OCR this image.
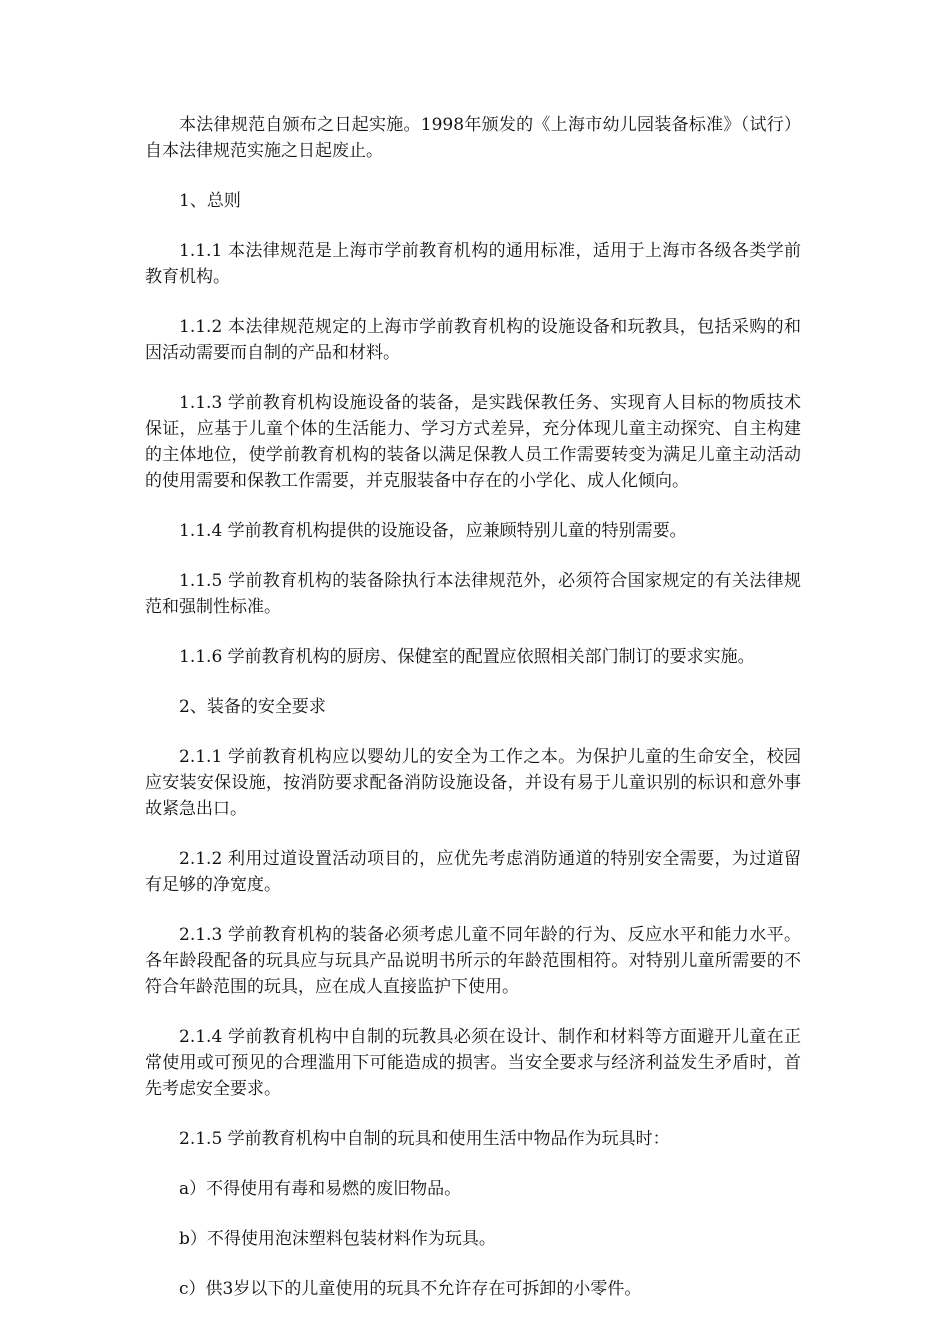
本法律规范自颁布之日起实施。1998年颁发的《上海市幼儿园装备标准》（试行）自本法律规范实施之日起废止。

1、总则

1.1.1 本法律规范是上海市学前教育机构的通用标准，适用于上海市各级各类学前教育机构。

1.1.2 本法律规范规定的上海市学前教育机构的设施设备和玩教具，包括采购的和因活动需要而自制的产品和材料。

1.1.3 学前教育机构设施设备的装备，是实践保教任务、实现育人目标的物质技术保证，应基于儿童个体的生活能力、学习方式差异，充分体现儿童主动探究、自主构建的主体地位，使学前教育机构的装备以满足保教人员工作需要转变为满足儿童主动活动的使用需要和保教工作需要，并克服装备中存在的小学化、成人化倾向。

1.1.4 学前教育机构提供的设施设备，应兼顾特别儿童的特别需要。

1.1.5 学前教育机构的装备除执行本法律规范外，必须符合国家规定的有关法律规范和强制性标准。

1.1.6 学前教育机构的厨房、保健室的配置应依照相关部门制订的要求实施。

2、装备的安全要求

2.1.1 学前教育机构应以婴幼儿的安全为工作之本。为保护儿童的生命安全，校园应安装安保设施，按消防要求配备消防设施设备，并设有易于儿童识别的标识和意外事故紧急出口。

2.1.2 利用过道设置活动项目的，应优先考虑消防通道的特别安全需要，为过道留有足够的净宽度。

2.1.3 学前教育机构的装备必须考虑儿童不同年龄的行为、反应水平和能力水平。各年龄段配备的玩具应与玩具产品说明书所示的年龄范围相符。对特别儿童所需要的不符合年龄范围的玩具，应在成人直接监护下使用。

2.1.4 学前教育机构中自制的玩教具必须在设计、制作和材料等方面避开儿童在正常使用或可预见的合理滥用下可能造成的损害。当安全要求与经济利益发生矛盾时，首先考虑安全要求。

2.1.5 学前教育机构中自制的玩具和使用生活中物品作为玩具时：

a）不得使用有毒和易燃的废旧物品。

b）不得使用泡沫塑料包装材料作为玩具。

c）供3岁以下的儿童使用的玩具不允许存在可拆卸的小零件。
